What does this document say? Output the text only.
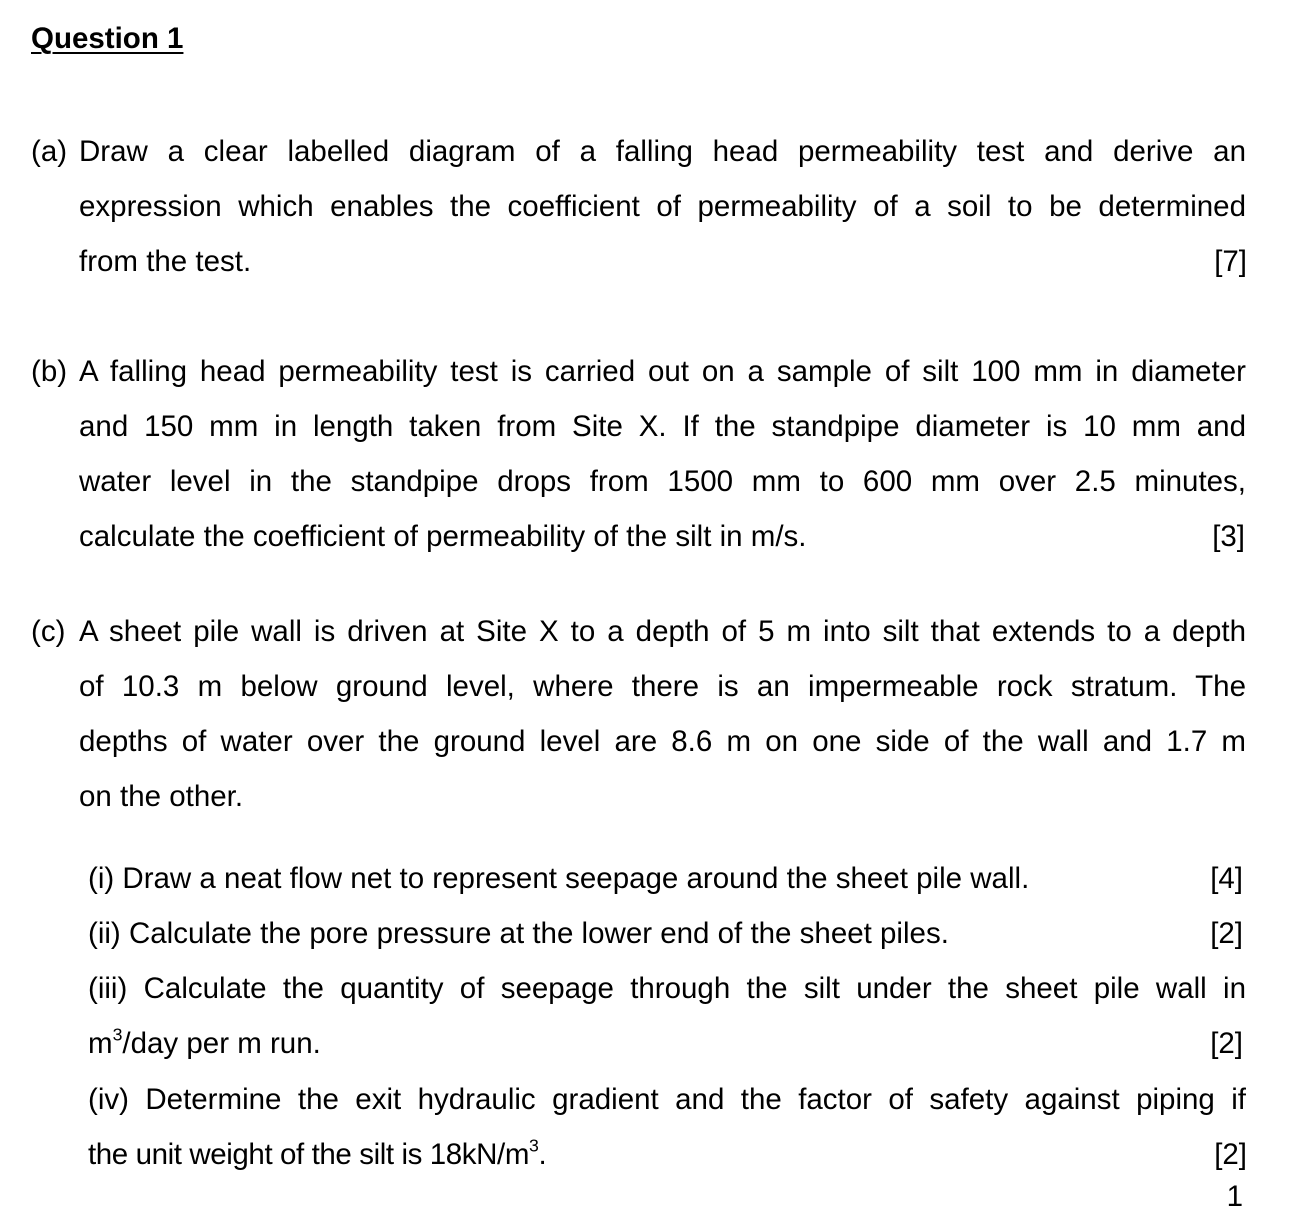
Question 1
(a) Draw a clear labelled diagram of a falling head permeability test and derive an
expression which enables the coefficient of permeability of a soil to be determined
from the test.	[7]
(b) A falling head permeability test is carried out on a sample of silt 100 mm in diameter
and 150 mm in length taken from Site X. If the standpipe diameter is 10 mm and
water level in the standpipe drops from 1500 mm to 600 mm over 2.5 minutes,
calculate the coefficient of permeability of the silt in m/s.	[3]
(c) A sheet pile wall is driven at Site X to a depth of 5 m into silt that extends to a depth
of 10.3 m below ground level, where there is an impermeable rock stratum. The
depths of water over the ground level are 8.6 m on one side of the wall and 1.7 m
on the other.
(i) Draw a neat flow net to represent seepage around the sheet pile wall.	[4]
(ii) Calculate the pore pressure at the lower end of the sheet piles.	[2]
(iii) Calculate the quantity of seepage through the silt under the sheet pile wall in
$m^3$/day per m run.	[2]
(iv) Determine the exit hydraulic gradient and the factor of safety against piping if
the unit weight of the silt is $18kN/m^3$.	[2]
1
